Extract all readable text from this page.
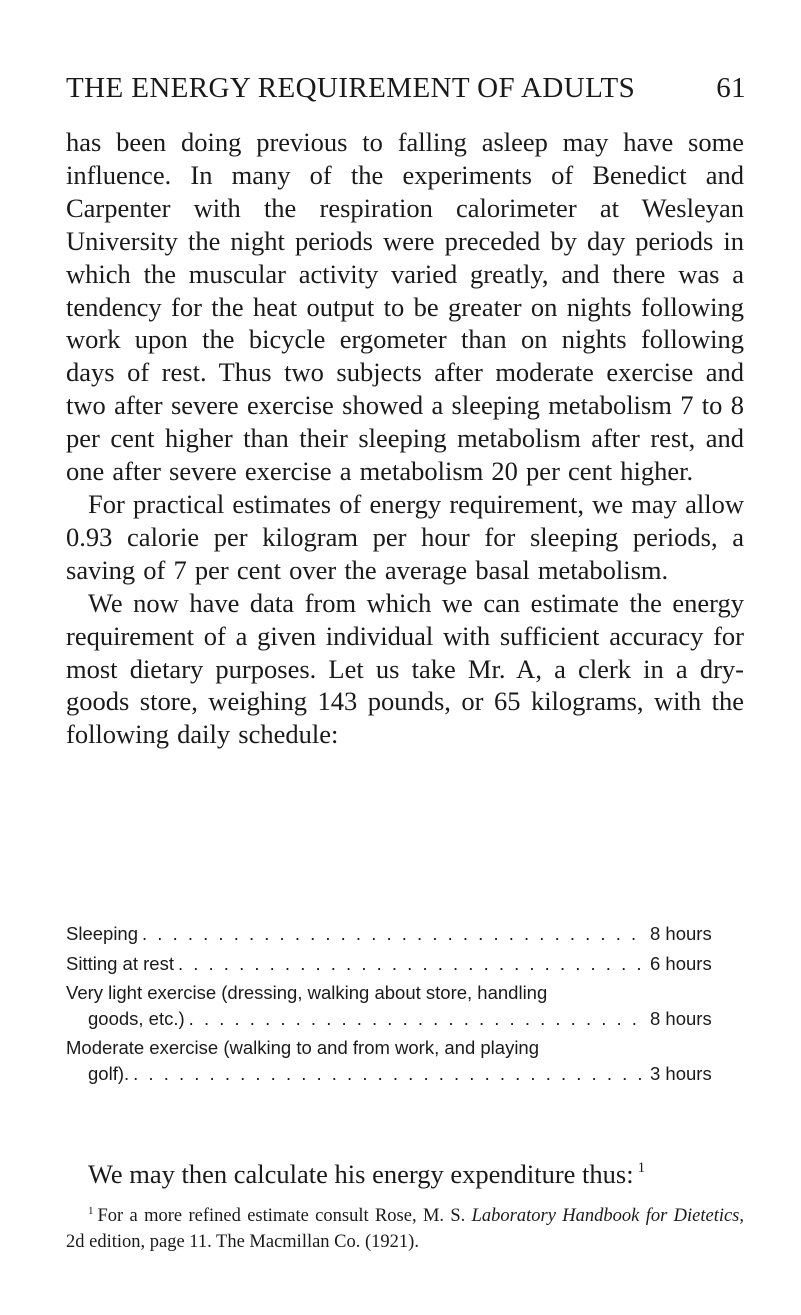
THE ENERGY REQUIREMENT OF ADULTS	61

has been doing previous to falling asleep may have some influence. In many of the experiments of Benedict and Carpenter with the respiration calorimeter at Wesleyan University the night periods were preceded by day periods in which the muscular activity varied greatly, and there was a tendency for the heat output to be greater on nights following work upon the bicycle ergometer than on nights following days of rest. Thus two subjects after moderate exercise and two after severe exercise showed a sleeping metabolism 7 to 8 per cent higher than their sleeping metabolism after rest, and one after severe exercise a metabolism 20 per cent higher.

For practical estimates of energy requirement, we may allow 0.93 calorie per kilogram per hour for sleeping periods, a saving of 7 per cent over the average basal metabolism.

We now have data from which we can estimate the energy requirement of a given individual with sufficient accuracy for most dietary purposes. Let us take Mr. A, a clerk in a dry-goods store, weighing 143 pounds, or 65 kilograms, with the following daily schedule:

Sleeping . . .	8 hours
Sitting at rest . . .	6 hours
Very light exercise (dressing, walking about store, handling
goods, etc.) . . .	8 hours
Moderate exercise (walking to and from work, and playing
golf). . . .	3 hours

We may then calculate his energy expenditure thus: $^1$

$^1$ For a more refined estimate consult Rose, M. S. Laboratory Handbook for Dietetics, 2d edition, page 11. The Macmillan Co. (1921).
